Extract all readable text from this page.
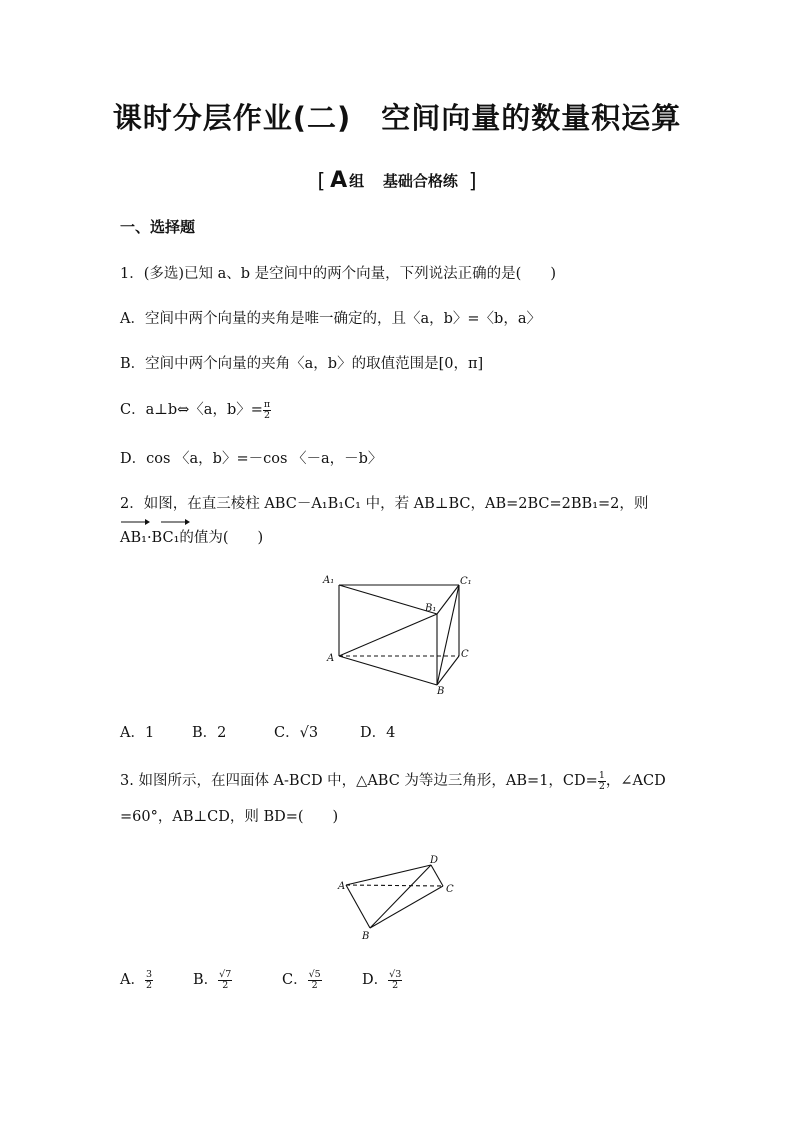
课时分层作业(二)　空间向量的数量积运算
[ A 组 基础合格练 ]
一、选择题
1．(多选)已知 a、b 是空间中的两个向量，下列说法正确的是(　　)
A．空间中两个向量的夹角是唯一确定的，且〈a，b〉=〈b，a〉
B．空间中两个向量的夹角〈a，b〉的取值范围是[0，π]
C．a⊥b⇔〈a，b〉= $\frac{\pi}{2}$
D．cos 〈a，b〉=－cos 〈－a，－b〉
2．如图，在直三棱柱 ABC－A₁B₁C₁ 中，若 AB⊥BC，AB=2BC=2BB₁=2，则
AB₁·BC₁的值为(　　)
A₁	C₁
B₁
A	C
B
A．1	B．2	C．√3	D．4
3. 如图所示，在四面体 A-BCD 中，△ABC 为等边三角形，AB=1，$CD= \frac{1}{2}$ ，∠ACD
=60°，AB⊥CD，则 BD=(　　)
A
D
C
B
A． $\frac{3}{2}$	B． $\frac{√7}{2}$	C． $\frac{√5}{2}$	D． $\frac{√3}{2}$
